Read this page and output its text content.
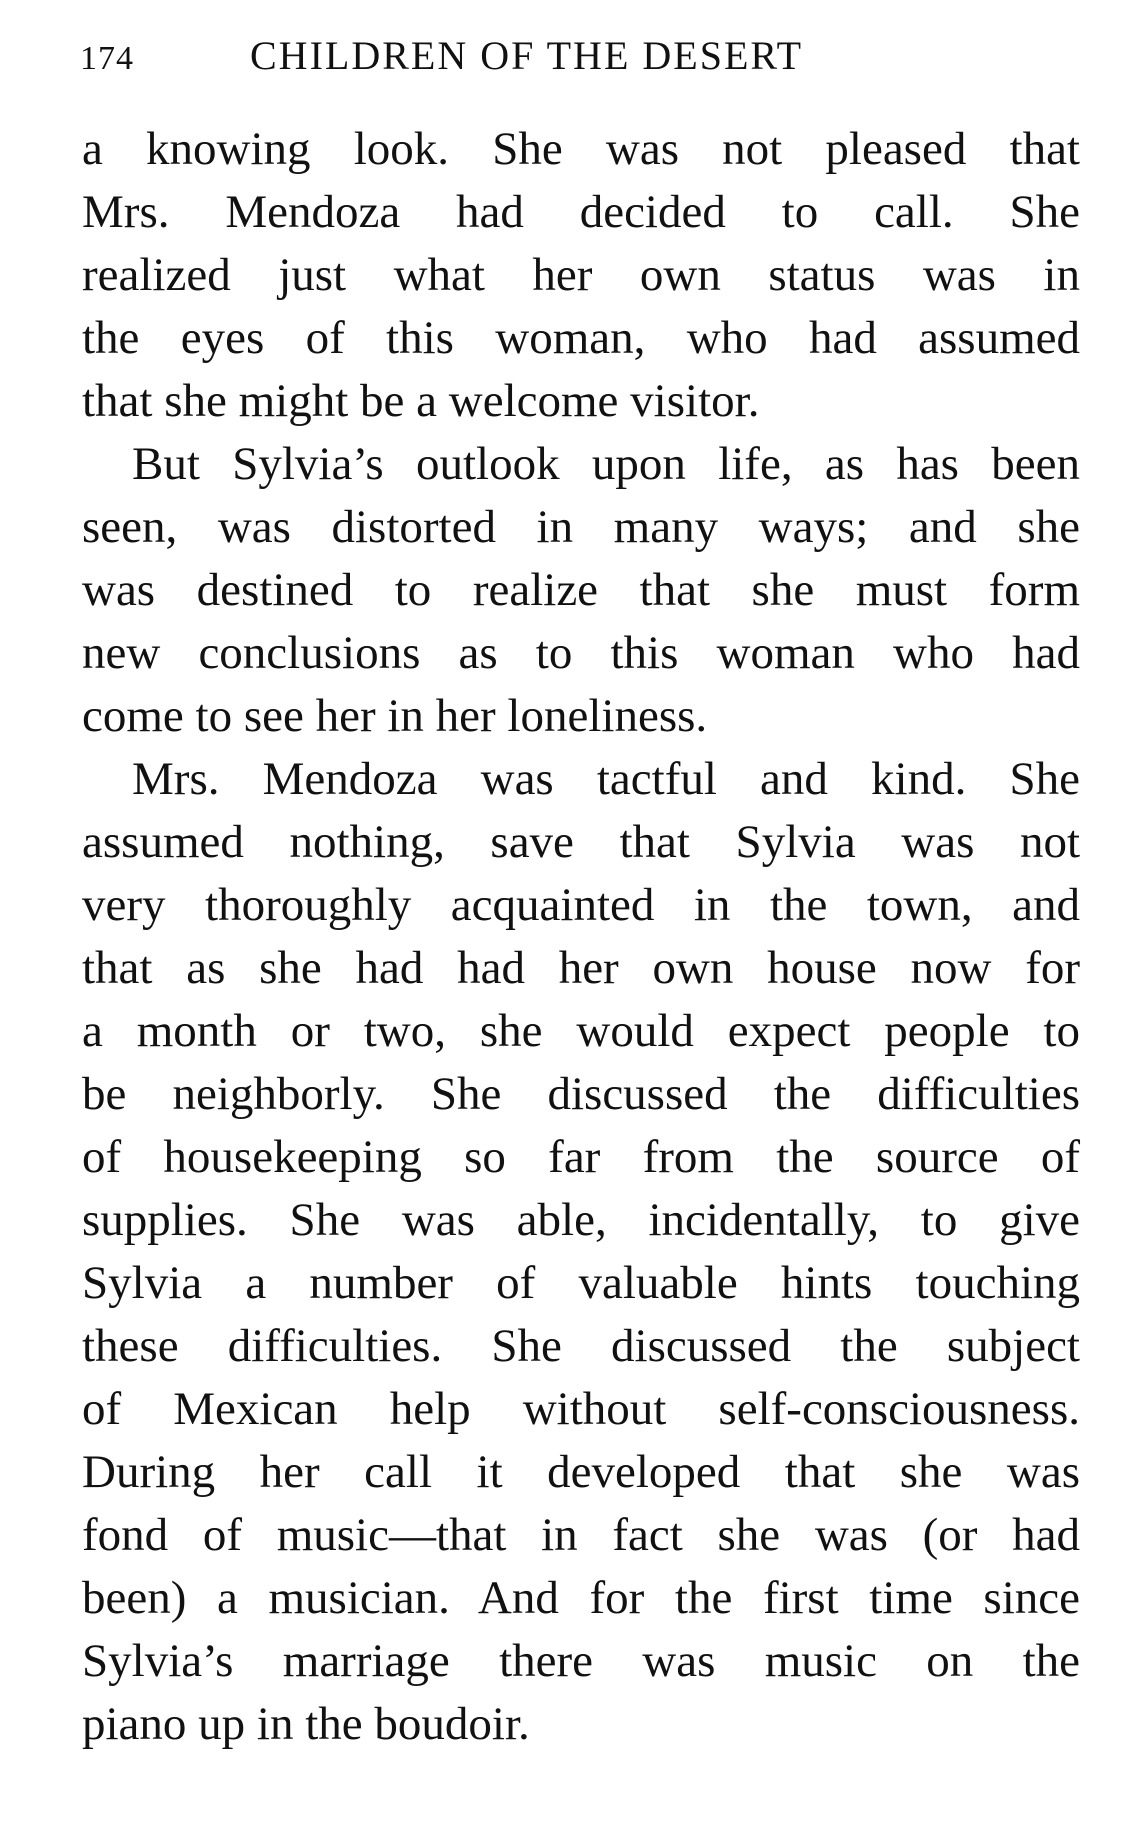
174	CHILDREN OF THE DESERT

a knowing look. She was not pleased that
Mrs. Mendoza had decided to call. She
realized just what her own status was in
the eyes of this woman, who had assumed
that she might be a welcome visitor.

But Sylvia’s outlook upon life, as has been
seen, was distorted in many ways; and she
was destined to realize that she must form
new conclusions as to this woman who had
come to see her in her loneliness.

Mrs. Mendoza was tactful and kind. She
assumed nothing, save that Sylvia was not
very thoroughly acquainted in the town, and
that as she had had her own house now for
a month or two, she would expect people to
be neighborly. She discussed the difficulties
of housekeeping so far from the source of
supplies. She was able, incidentally, to give
Sylvia a number of valuable hints touching
these difficulties. She discussed the subject
of Mexican help without self-consciousness.
During her call it developed that she was
fond of music—that in fact she was (or had
been) a musician. And for the first time since
Sylvia’s marriage there was music on the
piano up in the boudoir.
